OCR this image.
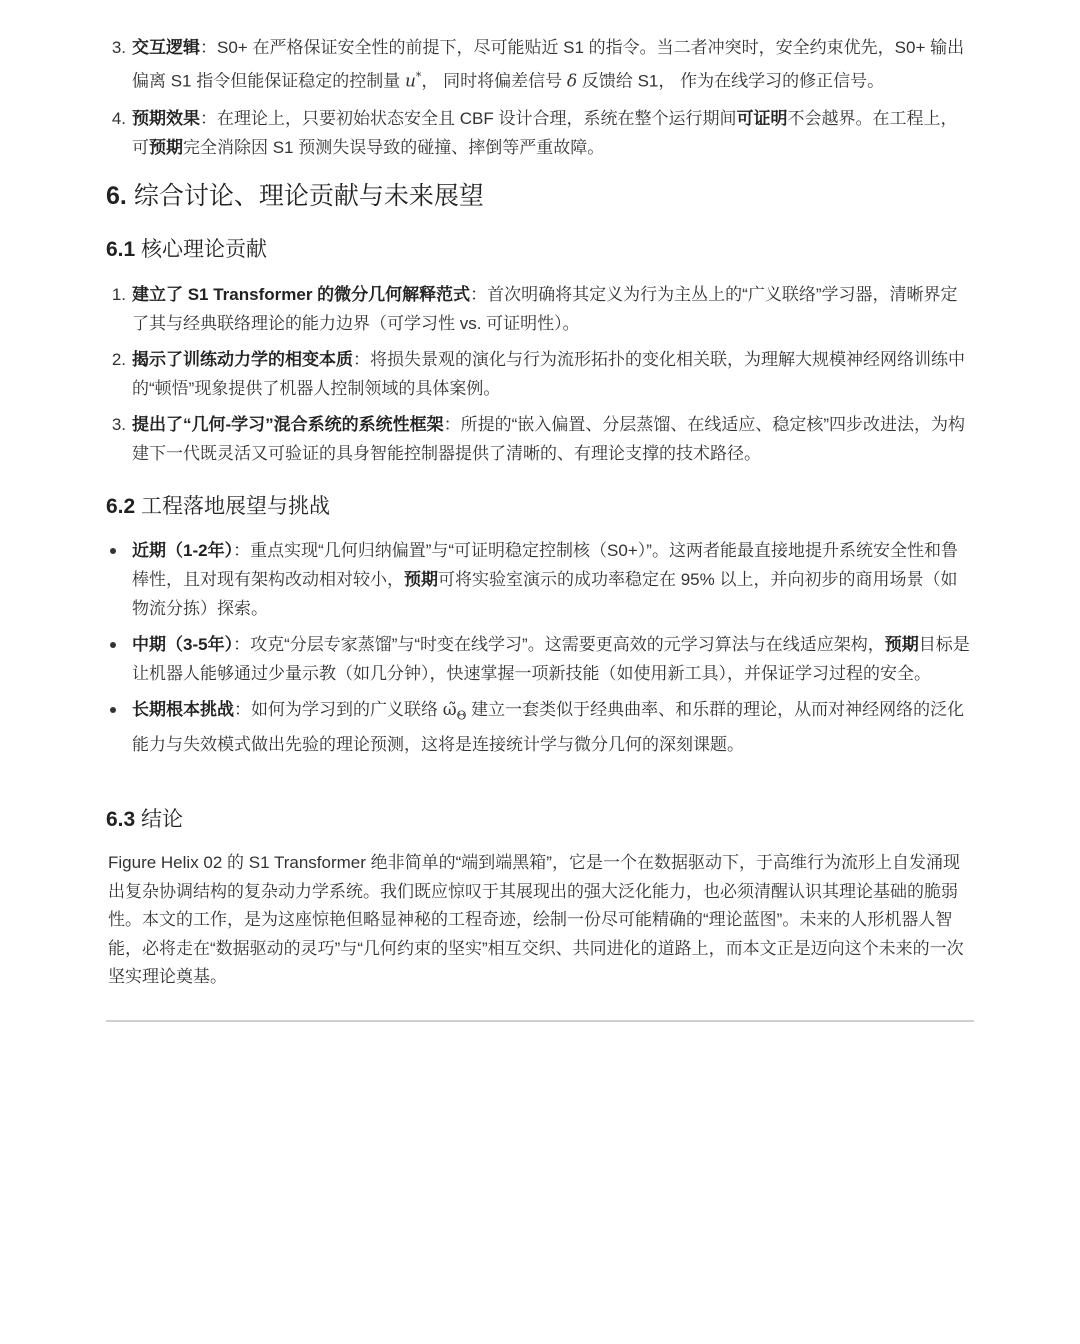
3. 交互逻辑：S0+ 在严格保证安全性的前提下，尽可能贴近 S1 的指令。当二者冲突时，安全约束优先，S0+ 输出偏离 S1 指令但能保证稳定的控制量 u*， 同时将偏差信号 δ 反馈给 S1， 作为在线学习的修正信号。
4. 预期效果：在理论上，只要初始状态安全且 CBF 设计合理，系统在整个运行期间可证明不会越界。在工程上，可预期完全消除因 S1 预测失误导致的碰撞、摔倒等严重故障。
6. 综合讨论、理论贡献与未来展望
6.1 核心理论贡献
1. 建立了 S1 Transformer 的微分几何解释范式：首次明确将其定义为行为主丛上的“广义联络”学习器，清晰界定了其与经典联络理论的能力边界（可学习性 vs. 可证明性）。
2. 揭示了训练动力学的相变本质：将损失景观的演化与行为流形拓扑的变化相关联，为理解大规模神经网络训练中的“顿悟”现象提供了机器人控制领域的具体案例。
3. 提出了“几何-学习”混合系统的系统性框架：所提的“嵌入偏置、分层蒸馏、在线适应、稳定核”四步改进法，为构建下一代既灵活又可验证的具身智能控制器提供了清晰的、有理论支撑的技术路径。
6.2 工程落地展望与挑战
近期（1-2年）：重点实现“几何归纳偏置”与“可证明稳定控制核（S0+）”。这两者能最直接地提升系统安全性和鲁棒性，且对现有架构改动相对较小，预期可将实验室演示的成功率稳定在 95% 以上，并向初步的商用场景（如物流分拣）探索。
中期（3-5年）：攻克“分层专家蒸馏”与“时变在线学习”。这需要更高效的元学习算法与在线适应架构，预期目标是让机器人能够通过少量示教（如几分钟），快速掌握一项新技能（如使用新工具），并保证学习过程的安全。
长期根本挑战：如何为学习到的广义联络 $\omegã_\Theta$ 建立一套类似于经典曲率、和乐群的理论，从而对神经网络的泛化能力与失效模式做出先验的理论预测，这将是连接统计学与微分几何的深刻课题。
6.3 结论

Figure Helix 02 的 S1 Transformer 绝非简单的“端到端黑箱”，它是一个在数据驱动下，于高维行为流形上自发涌现出复杂协调结构的复杂动力学系统。我们既应惊叹于其展现出的强大泛化能力，也必须清醒认识其理论基础的脆弱性。本文的工作，是为这座惊艳但略显神秘的工程奇迹，绘制一份尽可能精确的“理论蓝图”。未来的人形机器人智能，必将走在“数据驱动的灵巧”与“几何约束的坚实”相互交织、共同进化的道路上，而本文正是迈向这个未来的一次坚实理论奠基。
